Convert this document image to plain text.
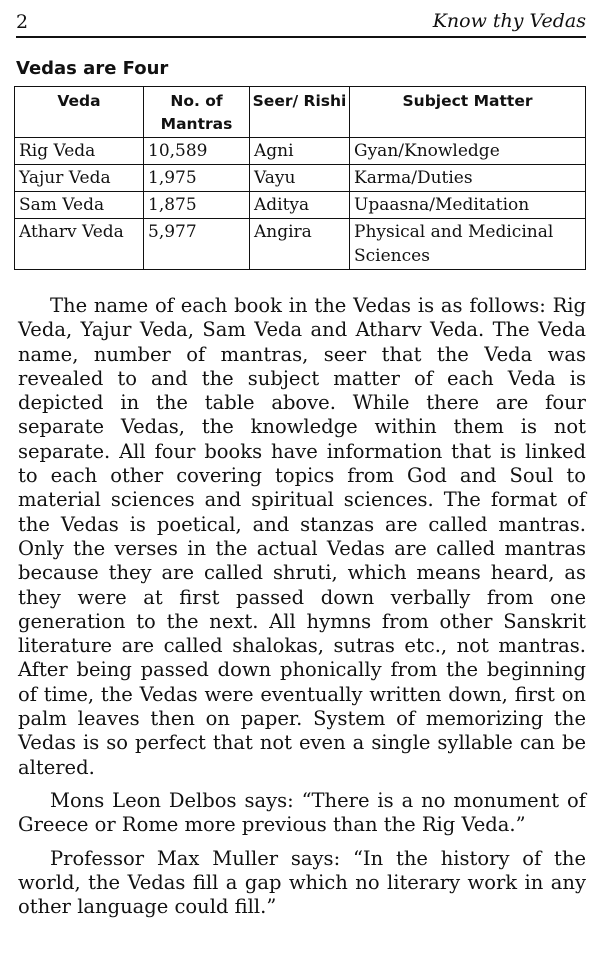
2	Know thy Vedas
Vedas are Four
Veda	No. of Mantras	Seer/ Rishi	Subject Matter
Rig Veda	10,589	Agni	Gyan/Knowledge
Yajur Veda	1,975	Vayu	Karma/Duties
Sam Veda	1,875	Aditya	Upaasna/Meditation
Atharv Veda	5,977	Angira	Physical and Medicinal Sciences

The name of each book in the Vedas is as follows: Rig Veda, Yajur Veda, Sam Veda and Atharv Veda. The Veda name, number of mantras, seer that the Veda was revealed to and the subject matter of each Veda is depicted in the table above. While there are four separate Vedas, the knowledge within them is not separate. All four books have information that is linked to each other covering topics from God and Soul to material sciences and spiritual sciences. The format of the Vedas is poetical, and stanzas are called mantras. Only the verses in the actual Vedas are called mantras because they are called shruti, which means heard, as they were at first passed down verbally from one generation to the next. All hymns from other Sanskrit literature are called shalokas, sutras etc., not mantras. After being passed down phonically from the beginning of time, the Vedas were eventually written down, first on palm leaves then on paper. System of memorizing the Vedas is so perfect that not even a single syllable can be altered.

Mons Leon Delbos says: “There is a no monument of Greece or Rome more previous than the Rig Veda.”

Professor Max Muller says: “In the history of the world, the Vedas fill a gap which no literary work in any other language could fill.”
